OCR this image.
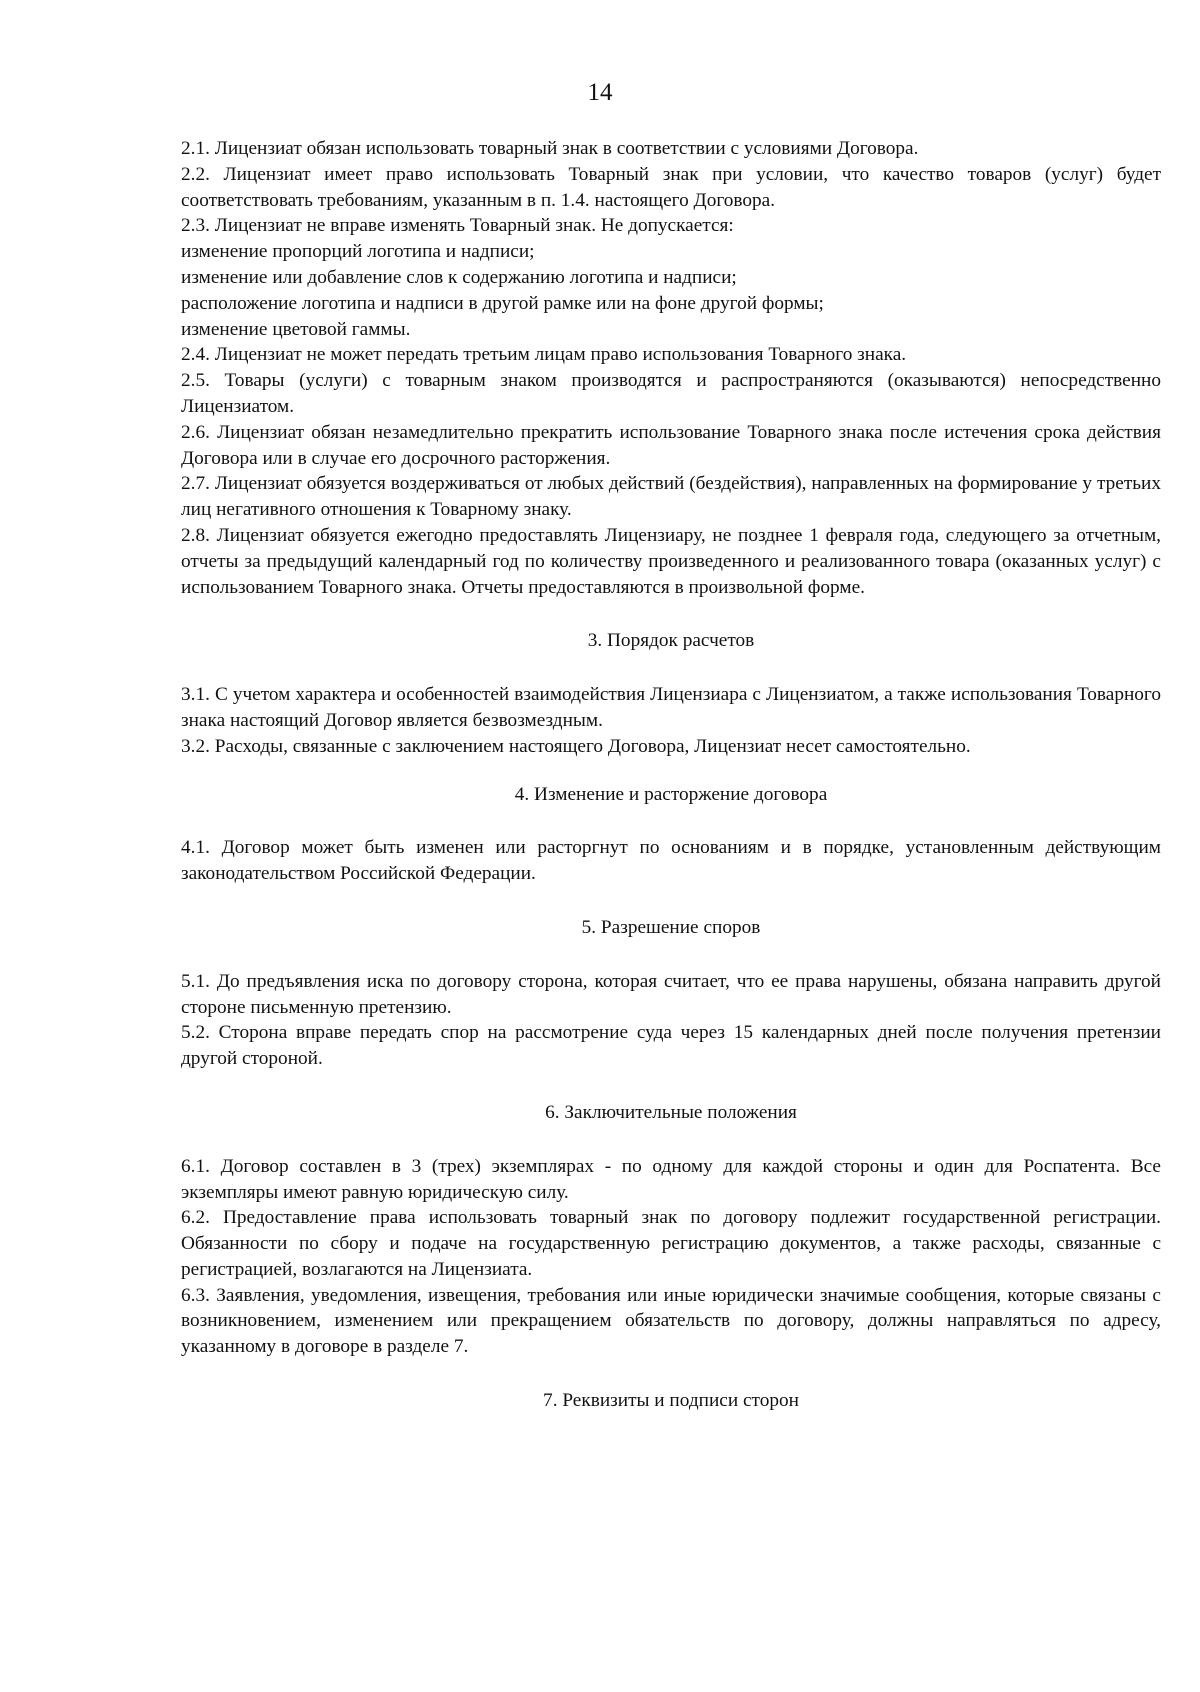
14

2.1. Лицензиат обязан использовать товарный знак в соответствии с условиями Договора.

2.2. Лицензиат имеет право использовать Товарный знак при условии, что качество товаров (услуг) будет соответствовать требованиям, указанным в п. 1.4. настоящего Договора.

2.3. Лицензиат не вправе изменять Товарный знак. Не допускается:

изменение пропорций логотипа и надписи;

изменение или добавление слов к содержанию логотипа и надписи;

расположение логотипа и надписи в другой рамке или на фоне другой формы;

изменение цветовой гаммы.

2.4. Лицензиат не может передать третьим лицам право использования Товарного знака.

2.5. Товары (услуги) с товарным знаком производятся и распространяются (оказываются) непосредственно Лицензиатом.

2.6. Лицензиат обязан незамедлительно прекратить использование Товарного знака после истечения срока действия Договора или в случае его досрочного расторжения.

2.7. Лицензиат обязуется воздерживаться от любых действий (бездействия), направленных на формирование у третьих лиц негативного отношения к Товарному знаку.

2.8. Лицензиат обязуется ежегодно предоставлять Лицензиару, не позднее 1 февраля года, следующего за отчетным, отчеты за предыдущий календарный год по количеству произведенного и реализованного товара (оказанных услуг) с использованием Товарного знака. Отчеты предоставляются в произвольной форме.

3. Порядок расчетов

3.1. С учетом характера и особенностей взаимодействия Лицензиара с Лицензиатом, а также использования Товарного знака настоящий Договор является безвозмездным.

3.2. Расходы, связанные с заключением настоящего Договора, Лицензиат несет самостоятельно.

4. Изменение и расторжение договора

4.1. Договор может быть изменен или расторгнут по основаниям и в порядке, установленным действующим законодательством Российской Федерации.

5. Разрешение споров

5.1. До предъявления иска по договору сторона, которая считает, что ее права нарушены, обязана направить другой стороне письменную претензию.

5.2. Сторона вправе передать спор на рассмотрение суда через 15 календарных дней после получения претензии другой стороной.

6. Заключительные положения

6.1. Договор составлен в 3 (трех) экземплярах - по одному для каждой стороны и один для Роспатента. Все экземпляры имеют равную юридическую силу.

6.2. Предоставление права использовать товарный знак по договору подлежит государственной регистрации. Обязанности по сбору и подаче на государственную регистрацию документов, а также расходы, связанные с регистрацией, возлагаются на Лицензиата.

6.3. Заявления, уведомления, извещения, требования или иные юридически значимые сообщения, которые связаны с возникновением, изменением или прекращением обязательств по договору, должны направляться по адресу, указанному в договоре в разделе 7.

7. Реквизиты и подписи сторон
